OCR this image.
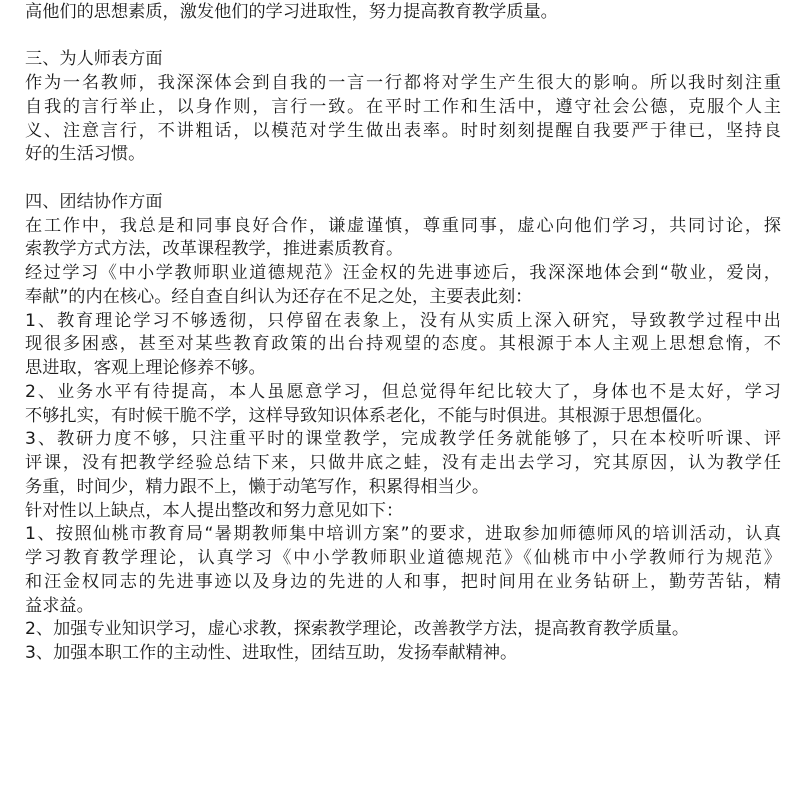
高他们的思想素质，激发他们的学习进取性，努力提高教育教学质量。
三、为人师表方面
作为一名教师，我深深体会到自我的一言一行都将对学生产生很大的影响。所以我时刻注重
自我的言行举止，以身作则，言行一致。在平时工作和生活中，遵守社会公德，克服个人主
义、注意言行，不讲粗话，以模范对学生做出表率。时时刻刻提醒自我要严于律已，坚持良
好的生活习惯。
四、团结协作方面
在工作中，我总是和同事良好合作，谦虚谨慎，尊重同事，虚心向他们学习，共同讨论，探
索教学方式方法，改革课程教学，推进素质教育。
经过学习《中小学教师职业道德规范》汪金权的先进事迹后，我深深地体会到“敬业，爱岗，
奉献”的内在核心。经自查自纠认为还存在不足之处，主要表此刻：
1、教育理论学习不够透彻，只停留在表象上，没有从实质上深入研究，导致教学过程中出
现很多困惑，甚至对某些教育政策的出台持观望的态度。其根源于本人主观上思想怠惰，不
思进取，客观上理论修养不够。
2、业务水平有待提高，本人虽愿意学习，但总觉得年纪比较大了，身体也不是太好，学习
不够扎实，有时候干脆不学，这样导致知识体系老化，不能与时俱进。其根源于思想僵化。
3、教研力度不够，只注重平时的课堂教学，完成教学任务就能够了，只在本校听听课、评
评课，没有把教学经验总结下来，只做井底之蛙，没有走出去学习，究其原因，认为教学任
务重，时间少，精力跟不上，懒于动笔写作，积累得相当少。
针对性以上缺点，本人提出整改和努力意见如下：
1、按照仙桃市教育局“暑期教师集中培训方案”的要求，进取参加师德师风的培训活动，认真
学习教育教学理论，认真学习《中小学教师职业道德规范》《仙桃市中小学教师行为规范》
和汪金权同志的先进事迹以及身边的先进的人和事，把时间用在业务钻研上，勤劳苦钻，精
益求益。
2、加强专业知识学习，虚心求教，探索教学理论，改善教学方法，提高教育教学质量。
3、加强本职工作的主动性、进取性，团结互助，发扬奉献精神。
